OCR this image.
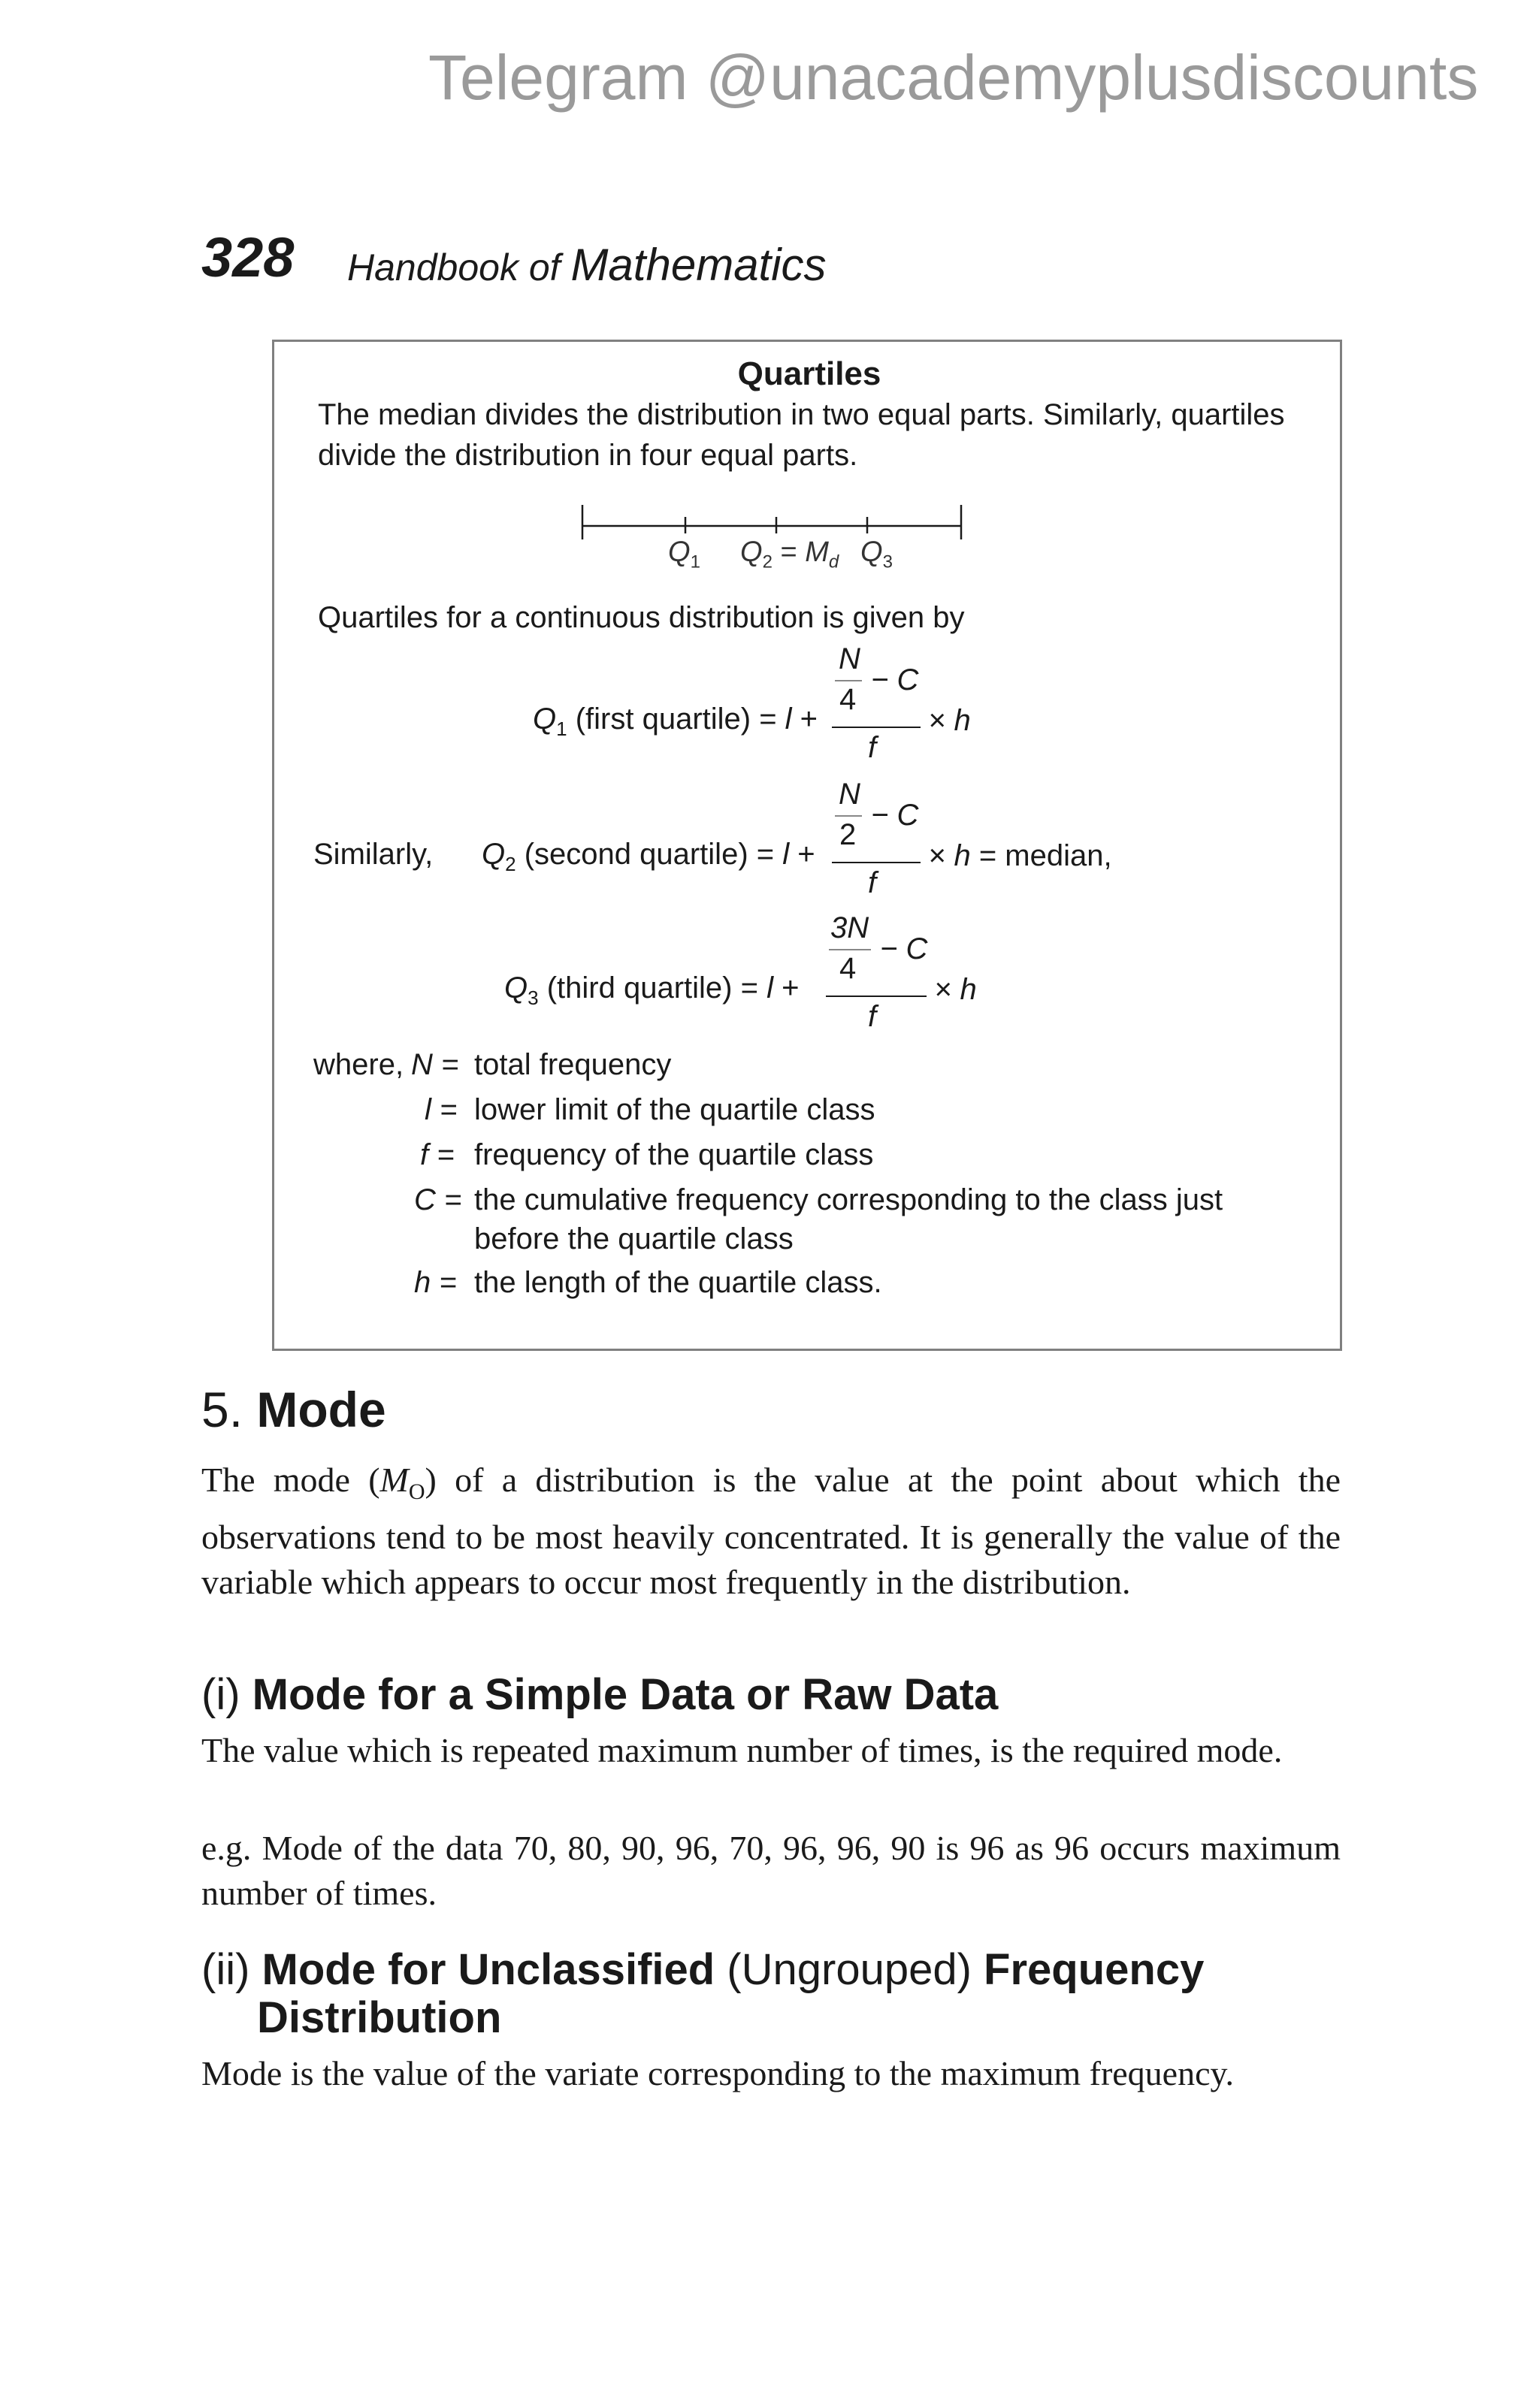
Telegram @unacademyplusdiscounts
328 Handbook of Mathematics
Quartiles
The median divides the distribution in two equal parts. Similarly, quartiles
divide the distribution in four equal parts.
$Q_1$ $Q_2 = M_d$ $Q_3$
Quartiles for a continuous distribution is given by
$Q_1$ (first quartile) = l +
N
4
− C
f
× h
Similarly, $Q_2$ (second quartile) = l +
N
2
− C
f
× h = median,
$Q_3$ (third quartile) = l +
3N
4
− C
f
× h
where, N = total frequency
l = lower limit of the quartile class
f = frequency of the quartile class
C = the cumulative frequency corresponding to the class just
before the quartile class
h = the length of the quartile class.
5. Mode
The mode $(M_O)$ of a distribution is the value at the point about which the observations tend to be most heavily concentrated. It is generally the value of the variable which appears to occur most frequently in the distribution.
(i) Mode for a Simple Data or Raw Data
The value which is repeated maximum number of times, is the required mode.
e.g. Mode of the data 70, 80, 90, 96, 70, 96, 96, 90 is 96 as 96 occurs maximum number of times.
(ii) Mode for Unclassified (Ungrouped) Frequency
Distribution
Mode is the value of the variate corresponding to the maximum frequency.
